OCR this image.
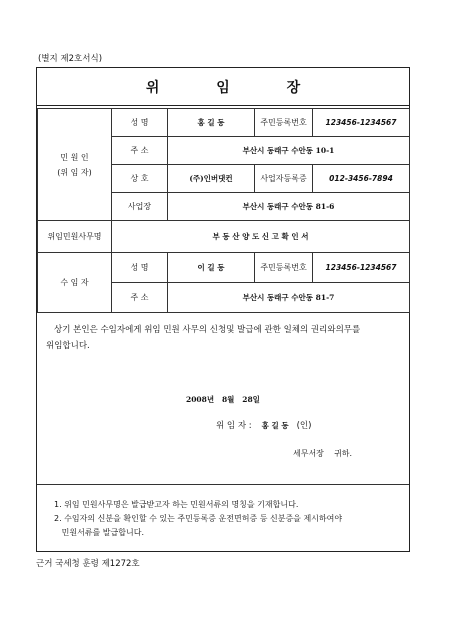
(별지 제2호서식)
위 임 장
민 원 인
(위 임 자)	성 명	홍 길 동	주민등록번호	123456-1234567
	주 소	부산시 동래구 수안동 10-1		
	상 호	(주)인버댓컨	사업자등록증	012-3456-7894
	사업장	부산시 동래구 수안동 81-6		
위임민원사무명	부 동 산 양 도 신 고 확 인 서			
수 임 자	성 명	이 길 동	주민등록번호	123456-1234567
	주 소	부산시 동래구 수안동 81-7		
상기 본인은 수임자에게 위임 민원 사무의 신청및 발급에 관한 일체의 권리와의무를
위임합니다.
2008년   8월   28일
위 임 자 : 홍 길 동 (인)
세무서장    귀하.
1. 위임 민원사무명은 발급받고자 하는 민원서류의 명칭을 기재합니다.
2. 수임자의 신분을 확인할 수 있는 주민등록증 운전면허증 등 신분증을 제시하여야
민원서류를 발급합니다.
근거 국세청 훈령 제1272호
